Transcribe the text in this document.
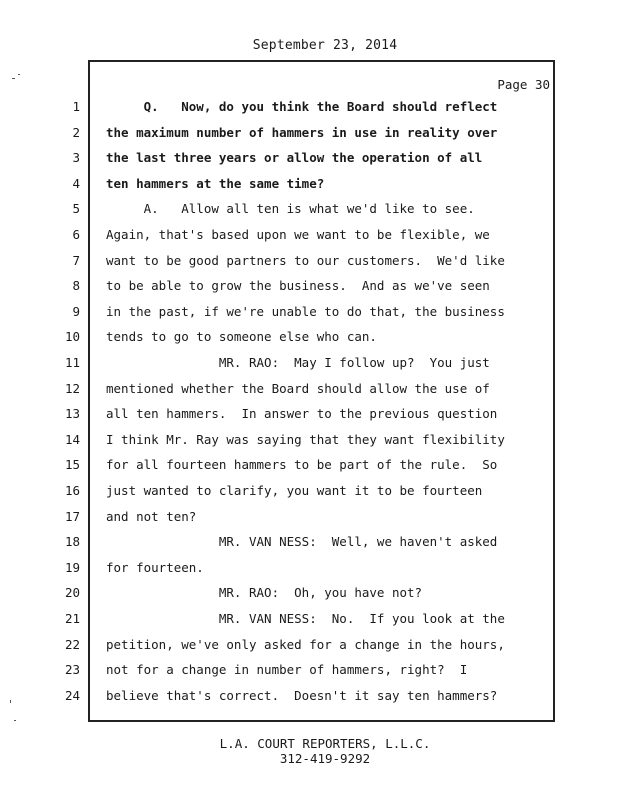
September 23, 2014
Page 30
1 Q.   Now, do you think the Board should reflect
2 the maximum number of hammers in use in reality over
3 the last three years or allow the operation of all
4 ten hammers at the same time?
5 A.   Allow all ten is what we'd like to see.
6 Again, that's based upon we want to be flexible, we
7 want to be good partners to our customers.  We'd like
8 to be able to grow the business.  And as we've seen
9 in the past, if we're unable to do that, the business
10 tends to go to someone else who can.
11 MR. RAO:  May I follow up?  You just
12 mentioned whether the Board should allow the use of
13 all ten hammers.  In answer to the previous question
14 I think Mr. Ray was saying that they want flexibility
15 for all fourteen hammers to be part of the rule.  So
16 just wanted to clarify, you want it to be fourteen
17 and not ten?
18 MR. VAN NESS:  Well, we haven't asked
19 for fourteen.
20 MR. RAO:  Oh, you have not?
21 MR. VAN NESS:  No.  If you look at the
22 petition, we've only asked for a change in the hours,
23 not for a change in number of hammers, right?  I
24 believe that's correct.  Doesn't it say ten hammers?
L.A. COURT REPORTERS, L.L.C.
312-419-9292
